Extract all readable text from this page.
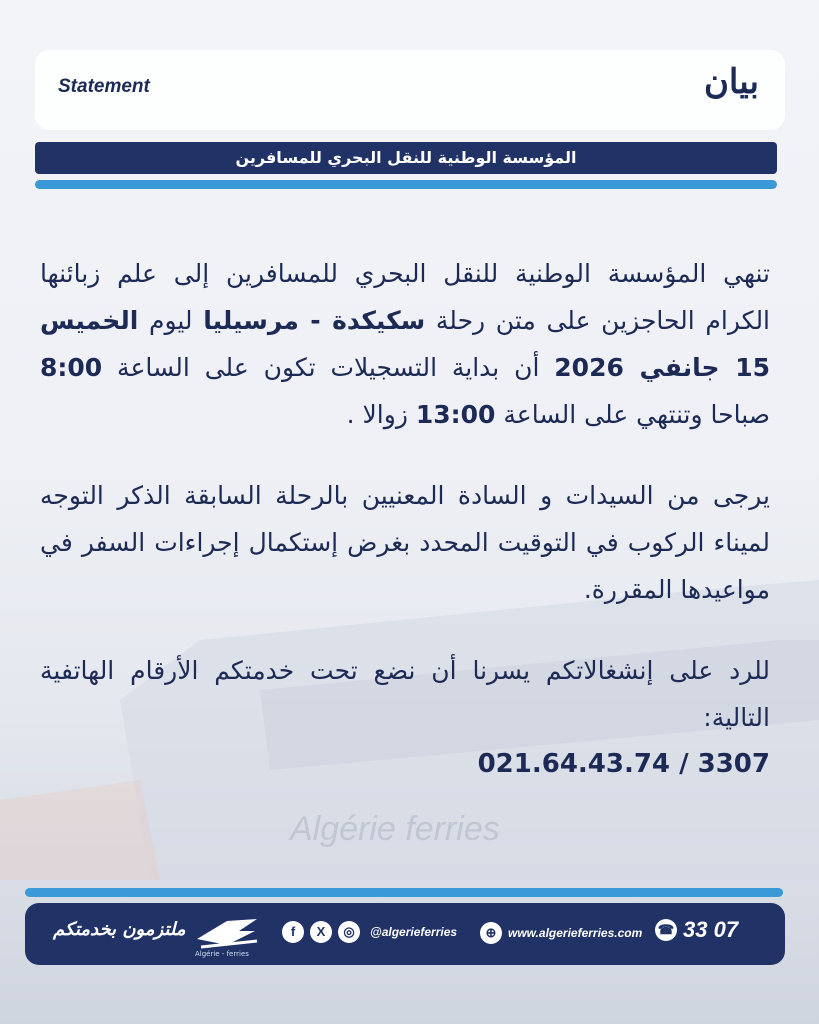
Algérie ferries
Statement	بيان
المؤسسة الوطنية للنقل البحري للمسافرين

تنهي المؤسسة الوطنية للنقل البحري للمسافرين إلى علم زبائنها الكرام الحاجزين على متن رحلة سكيكدة - مرسيليا ليوم الخميس 15 جانفي 2026 أن بداية التسجيلات تكون على الساعة 8:00 صباحا وتنتهي على الساعة 13:00 زوالا .

يرجى من السيدات و السادة المعنيين بالرحلة السابقة الذكر التوجه لميناء الركوب في التوقيت المحدد بغرض إستكمال إجراءات السفر في مواعيدها المقررة.

للرد على إنشغالاتكم يسرنا أن نضع تحت خدمتكم الأرقام الهاتفية التالية:

021.64.43.74 / 3307
ملتزمون بخدمتكم
Algérie - ferries
f	X	◎	@algerieferries	⊕ www.algerieferries.com ☎ 33 07
